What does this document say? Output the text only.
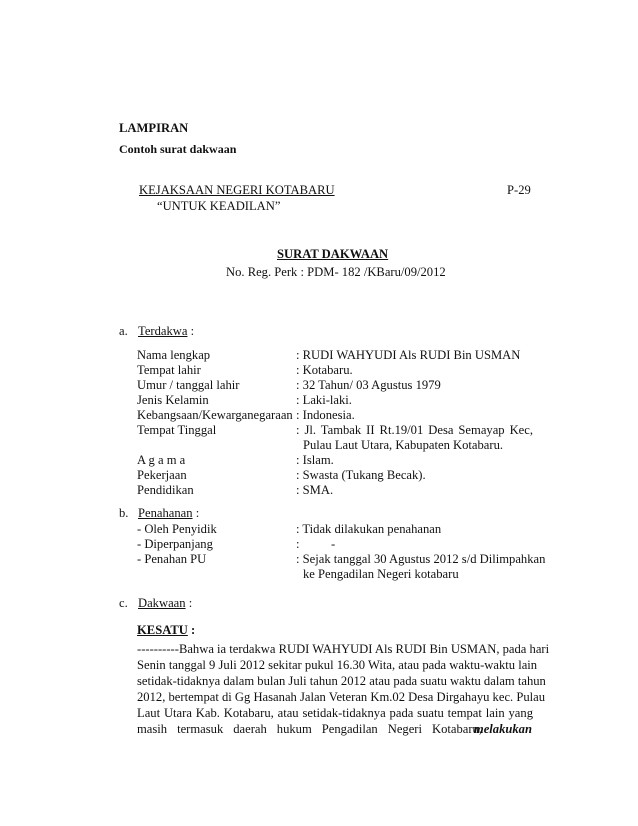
LAMPIRAN
Contoh surat dakwaan
KEJAKSAAN NEGERI KOTABARU	P-29
“UNTUK KEADILAN”
SURAT DAKWAAN
No. Reg. Perk : PDM- 182 /KBaru/09/2012
a. Terdakwa :
Nama lengkap	: RUDI WAHYUDI Als RUDI Bin USMAN
Tempat lahir	: Kotabaru.
Umur / tanggal lahir	: 32 Tahun/ 03 Agustus 1979
Jenis Kelamin	: Laki-laki.
Kebangsaan/Kewarganegaraan : Indonesia.
Tempat Tinggal	: Jl. Tambak II Rt.19/01 Desa Semayap Kec,
Pulau Laut Utara, Kabupaten Kotabaru.
A g a m a	: Islam.
Pekerjaan	: Swasta (Tukang Becak).
Pendidikan	: SMA.
b. Penahanan :
- Oleh Penyidik	: Tidak dilakukan penahanan
- Diperpanjang	:          -
- Penahan PU	: Sejak tanggal 30 Agustus 2012 s/d Dilimpahkan
ke Pengadilan Negeri kotabaru
c. Dakwaan :
KESATU :
----------Bahwa ia terdakwa RUDI WAHYUDI Als RUDI Bin USMAN, pada hari
Senin tanggal 9 Juli 2012 sekitar pukul 16.30 Wita, atau pada waktu-waktu lain
setidak-tidaknya dalam bulan Juli tahun 2012 atau pada suatu waktu dalam tahun
2012, bertempat di Gg Hasanah Jalan Veteran Km.02 Desa Dirgahayu kec. Pulau
Laut Utara Kab. Kotabaru, atau setidak-tidaknya pada suatu tempat lain yang
masih termasuk daerah hukum Pengadilan Negeri Kotabaru,
melakukan
